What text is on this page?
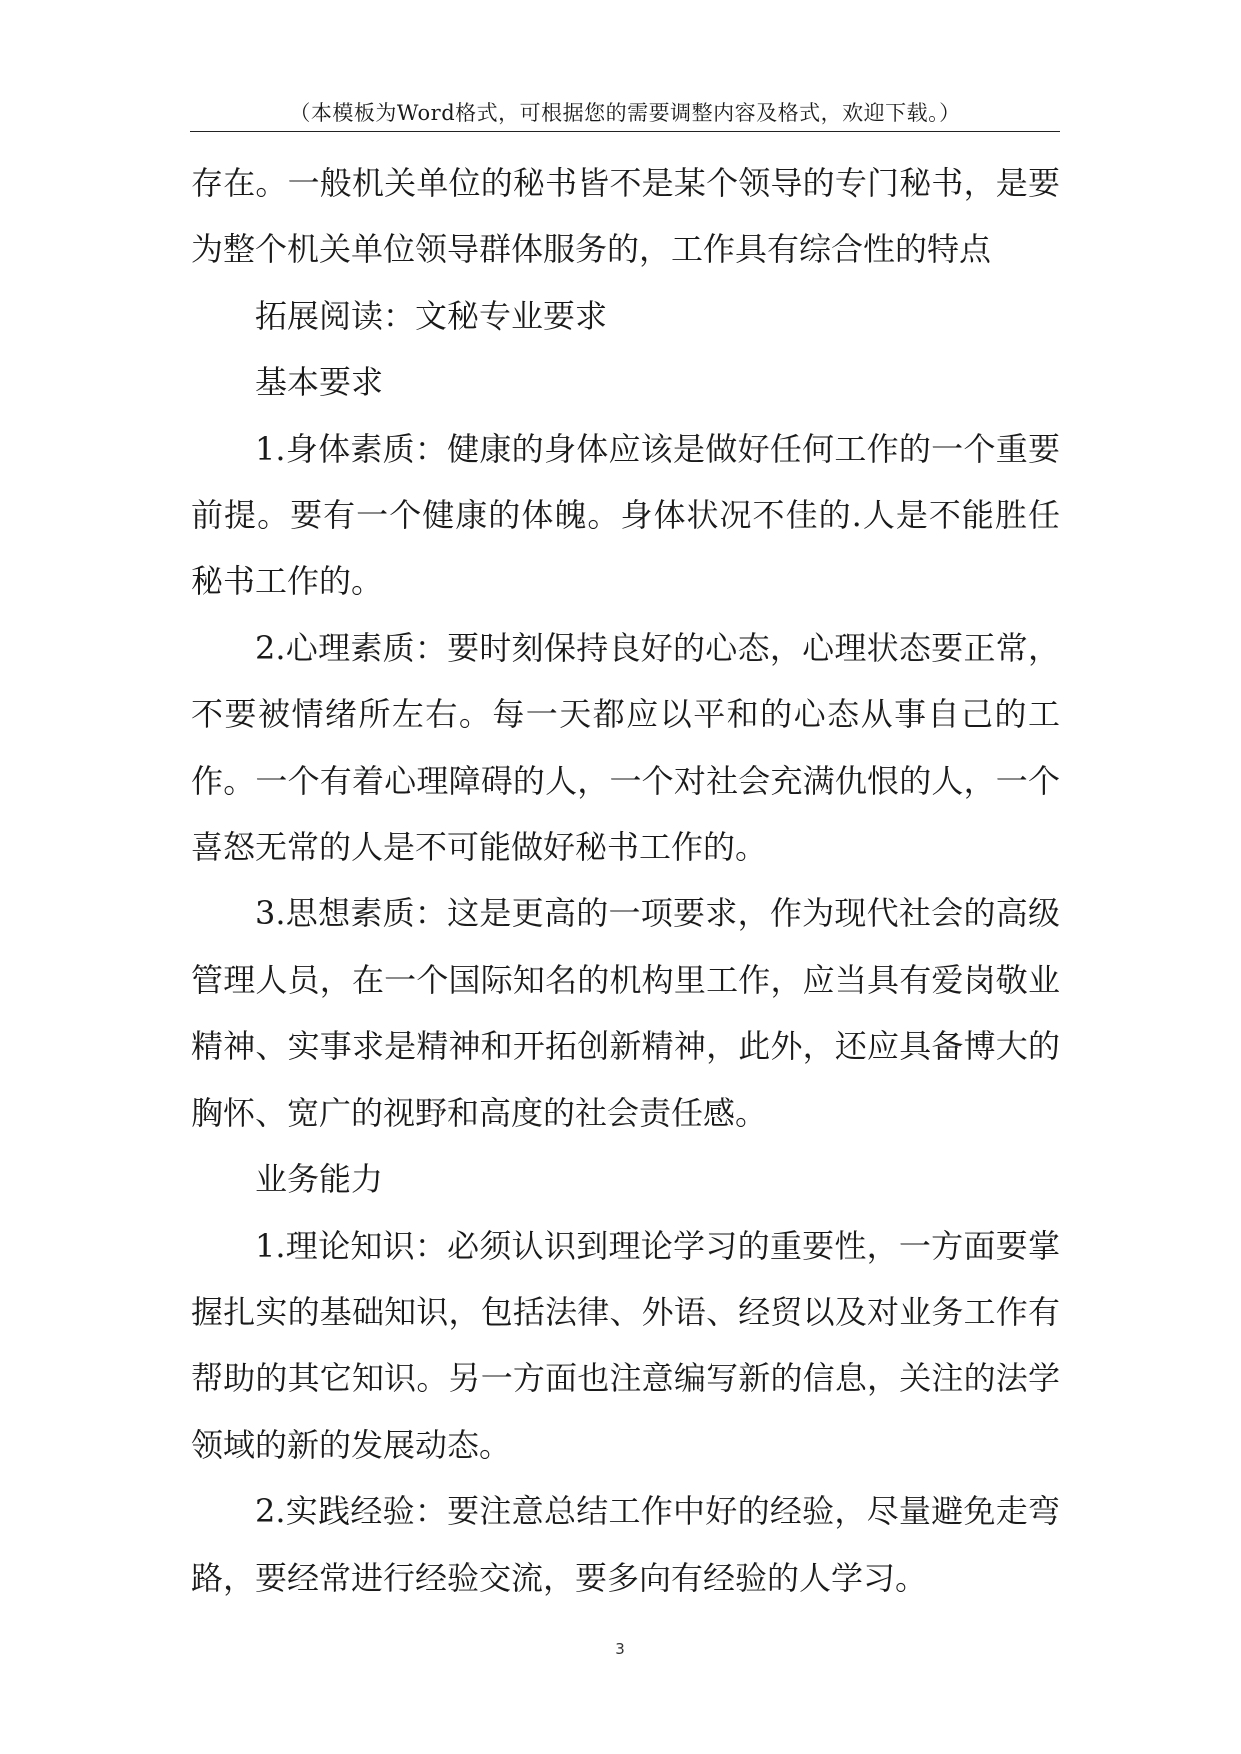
（本模板为Word格式，可根据您的需要调整内容及格式，欢迎下载。）

存在。一般机关单位的秘书皆不是某个领导的专门秘书，是要为整个机关单位领导群体服务的，工作具有综合性的特点

拓展阅读：文秘专业要求

基本要求

1.身体素质：健康的身体应该是做好任何工作的一个重要前提。要有一个健康的体魄。身体状况不佳的.人是不能胜任秘书工作的。

2.心理素质：要时刻保持良好的心态，心理状态要正常，不要被情绪所左右。每一天都应以平和的心态从事自己的工作。一个有着心理障碍的人，一个对社会充满仇恨的人，一个喜怒无常的人是不可能做好秘书工作的。

3.思想素质：这是更高的一项要求，作为现代社会的高级管理人员，在一个国际知名的机构里工作，应当具有爱岗敬业精神、实事求是精神和开拓创新精神，此外，还应具备博大的胸怀、宽广的视野和高度的社会责任感。

业务能力

1.理论知识：必须认识到理论学习的重要性，一方面要掌握扎实的基础知识，包括法律、外语、经贸以及对业务工作有帮助的其它知识。另一方面也注意编写新的信息，关注的法学领域的新的发展动态。

2.实践经验：要注意总结工作中好的经验，尽量避免走弯路，要经常进行经验交流，要多向有经验的人学习。

3
